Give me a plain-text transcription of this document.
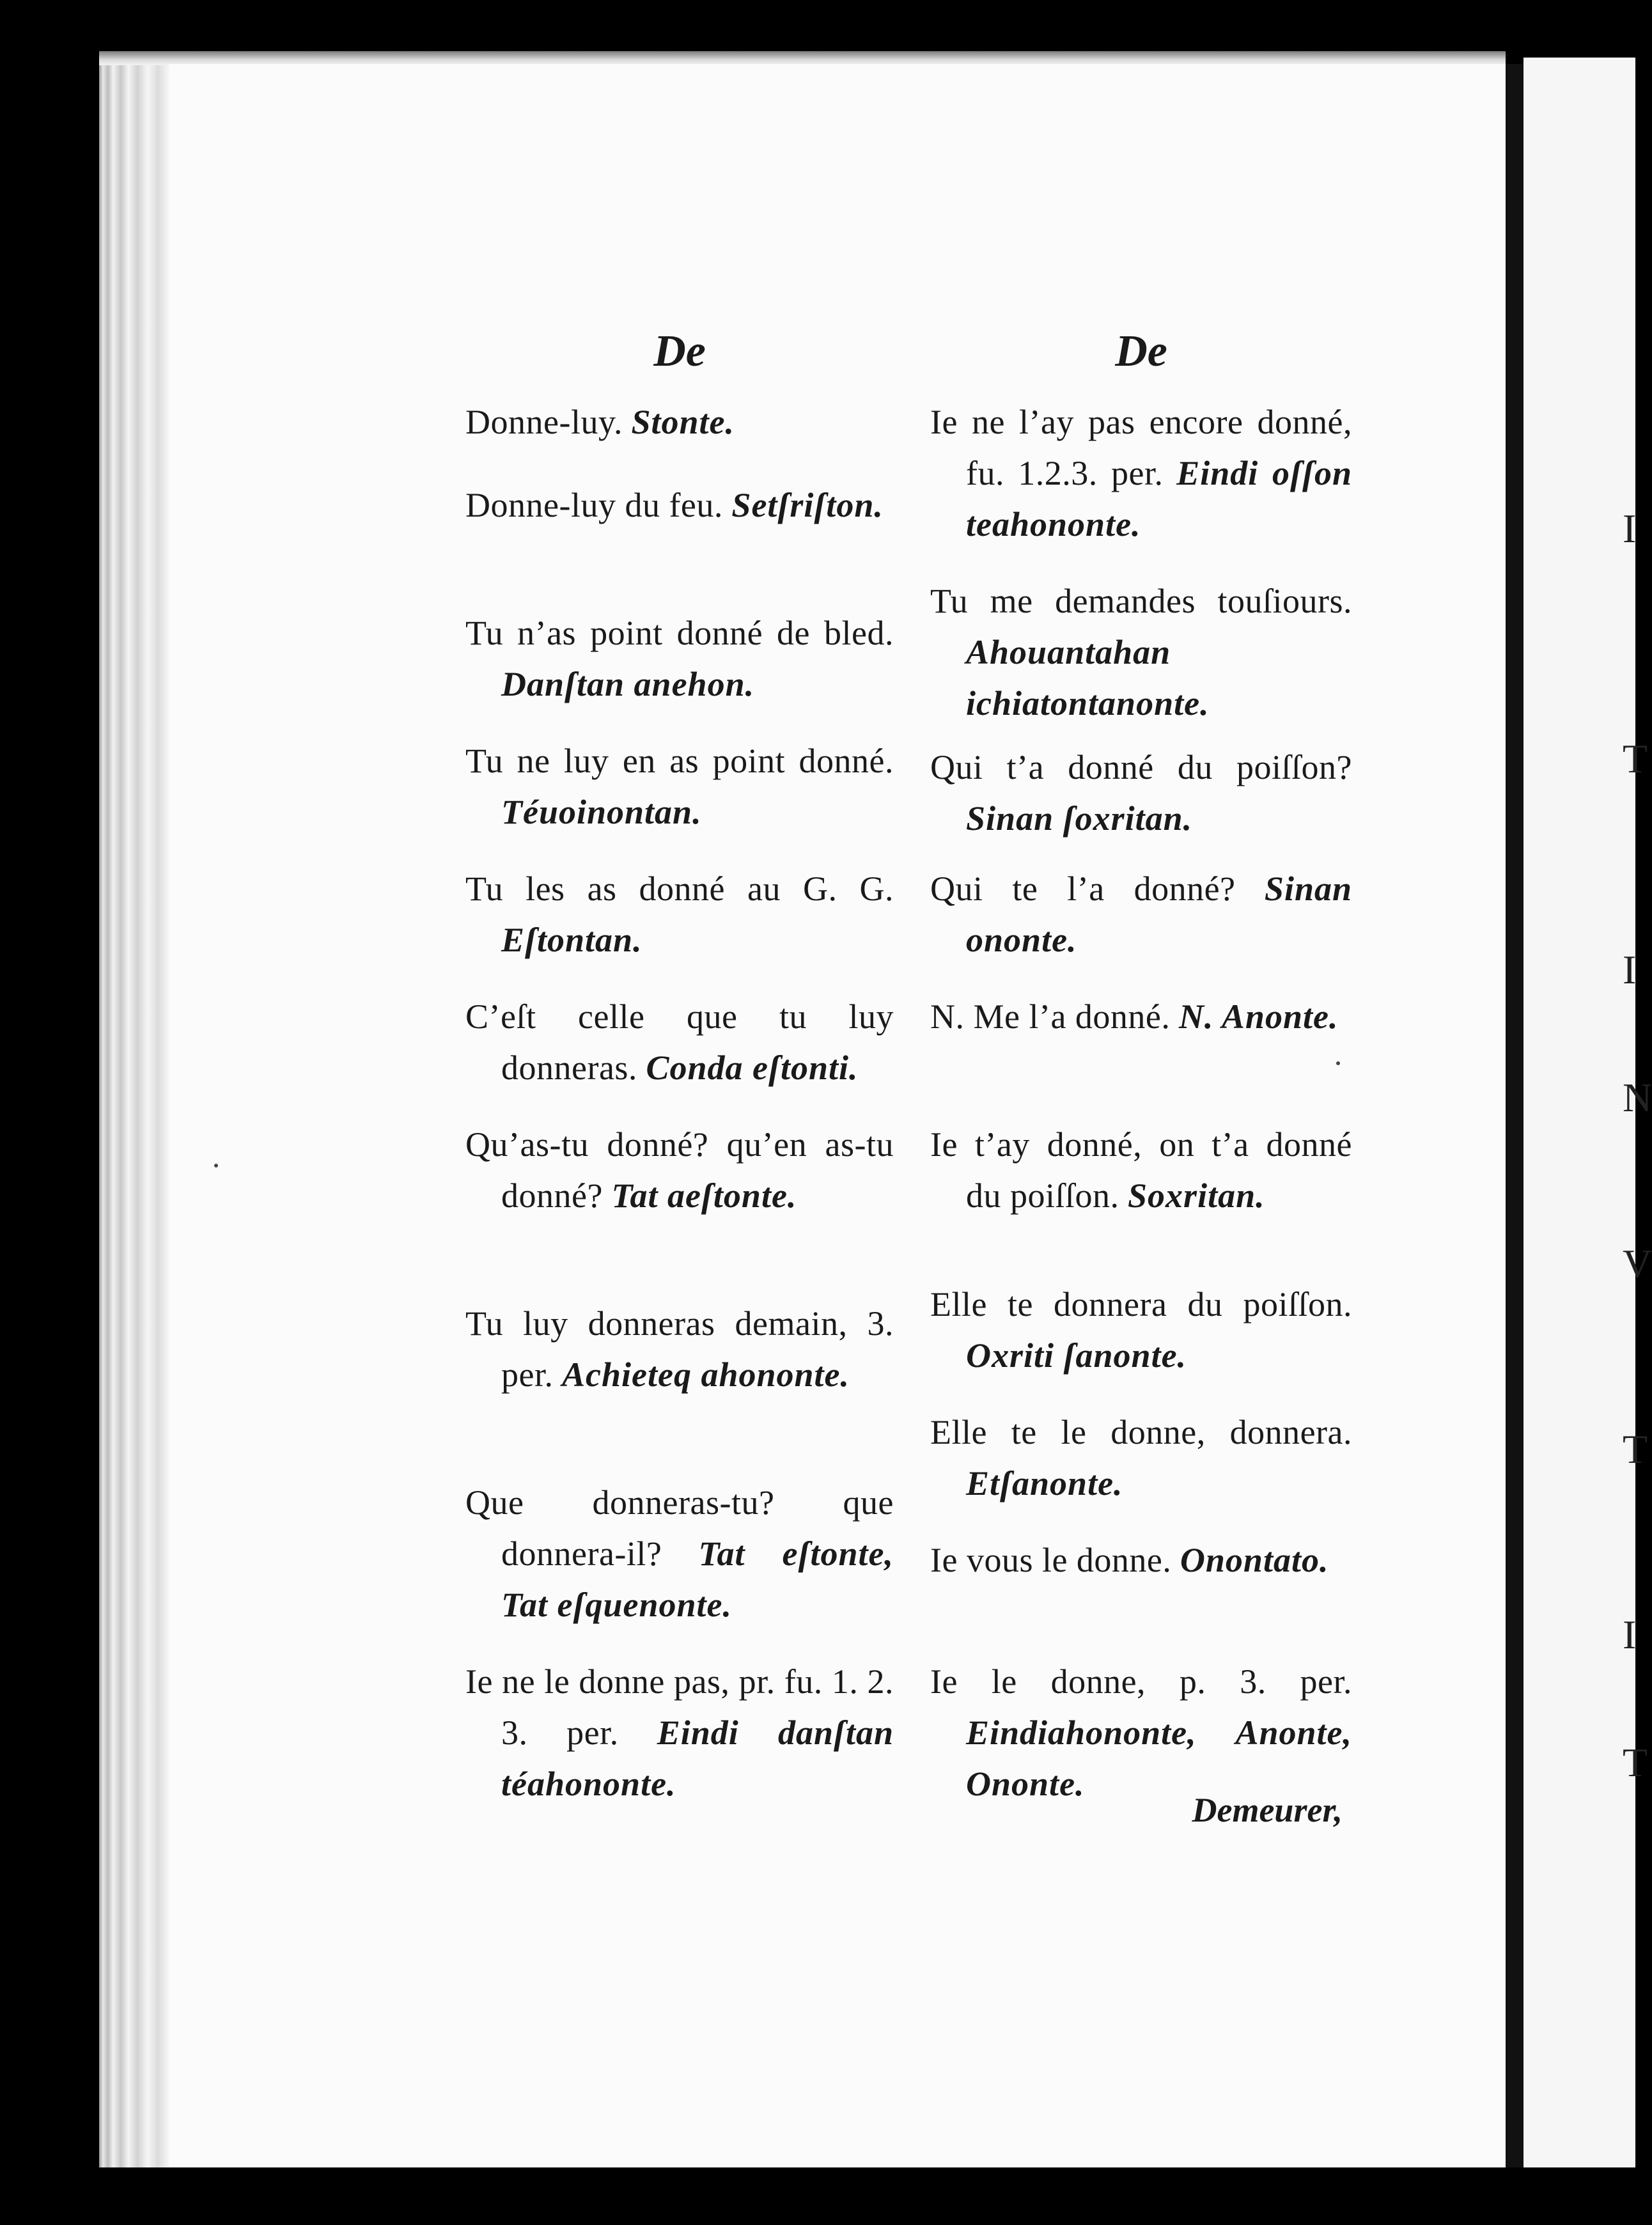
I
T
I
N
V
T
I
T
De	De

Donne-luy. Stonte.

Donne-luy du feu. Setſriſton.

Tu n’as point donné de bled. Danſtan anehon.

Tu ne luy en as point donné. Téuoinontan.

Tu les as donné au G. G. Eſtontan.

C’eſt celle que tu luy donneras. Conda eſtonti.

Qu’as-tu donné? qu’en as-tu donné? Tat aeſtonte.

Tu luy donneras demain, 3. per. Achieteq ahononte.

Que donneras-tu? que donnera-il? Tat eſtonte, Tat eſquenonte.

Ie ne le donne pas, pr. fu. 1. 2. 3. per. Eindi danſtan téahononte.

Ie ne l’ay pas encore donné, fu. 1.2.3. per. Eindi oſſon teahononte.

Tu me demandes touſiours. Ahouantahan ichiatontanonte.

Qui t’a donné du poiſſon? Sinan ſoxritan.

Qui te l’a donné? Sinan ononte.

N. Me l’a donné. N. Anonte.

Ie t’ay donné, on t’a donné du poiſſon. Soxritan.

Elle te donnera du poiſſon. Oxriti ſanonte.

Elle te le donne, donnera. Etſanonte.

Ie vous le donne. Onontato.

Ie le donne, p. 3. per. Eindiahononte, Anonte, Ononte.

Demeurer,
